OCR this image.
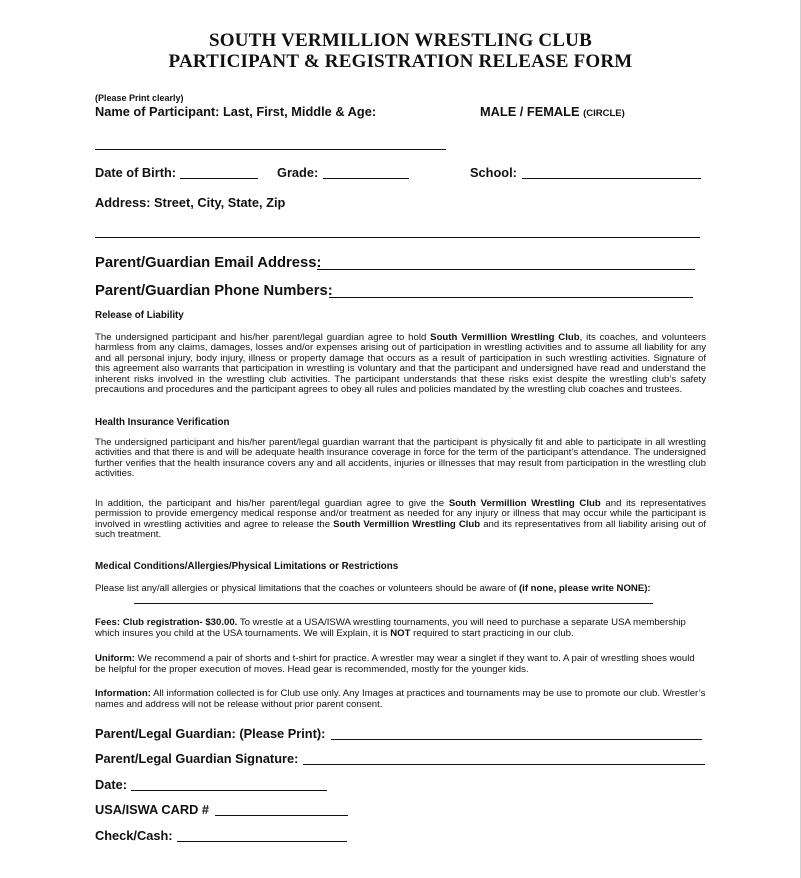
SOUTH VERMILLION WRESTLING CLUB
PARTICIPANT & REGISTRATION RELEASE FORM
(Please Print clearly)
Name of Participant: Last, First, Middle & Age:	MALE / FEMALE (CIRCLE)
Date of Birth:	Grade:	School:
Address: Street, City, State, Zip
Parent/Guardian Email Address:
Parent/Guardian Phone Numbers:
Release of Liability
The undersigned participant and his/her parent/legal guardian agree to hold South Vermillion Wrestling Club, its coaches, and volunteers harmless from any claims, damages, losses and/or expenses arising out of participation in wrestling activities and to assume all liability for any and all personal injury, body injury, illness or property damage that occurs as a result of participation in such wrestling activities. Signature of this agreement also warrants that participation in wrestling is voluntary and that the participant and undersigned have read and understand the inherent risks involved in the wrestling club activities. The participant understands that these risks exist despite the wrestling club’s safety precautions and procedures and the participant agrees to obey all rules and policies mandated by the wrestling club coaches and trustees.
Health Insurance Verification
The undersigned participant and his/her parent/legal guardian warrant that the participant is physically fit and able to participate in all wrestling activities and that there is and will be adequate health insurance coverage in force for the term of the participant’s attendance. The undersigned further verifies that the health insurance covers any and all accidents, injuries or illnesses that may result from participation in the wrestling club activities.
In addition, the participant and his/her parent/legal guardian agree to give the South Vermillion Wrestling Club and its representatives permission to provide emergency medical response and/or treatment as needed for any injury or illness that may occur while the participant is involved in wrestling activities and agree to release the South Vermillion Wrestling Club and its representatives from all liability arising out of such treatment.
Medical Conditions/Allergies/Physical Limitations or Restrictions
Please list any/all allergies or physical limitations that the coaches or volunteers should be aware of (if none, please write NONE):
Fees: Club registration- $30.00. To wrestle at a USA/ISWA wrestling tournaments, you will need to purchase a separate USA membership which insures you child at the USA tournaments. We will Explain, it is NOT required to start practicing in our club.
Uniform: We recommend a pair of shorts and t-shirt for practice. A wrestler may wear a singlet if they want to. A pair of wrestling shoes would be helpful for the proper execution of moves. Head gear is recommended, mostly for the younger kids.
Information: All information collected is for Club use only. Any Images at practices and tournaments may be use to promote our club. Wrestler’s names and address will not be release without prior parent consent.
Parent/Legal Guardian: (Please Print):
Parent/Legal Guardian Signature:
Date:
USA/ISWA CARD #
Check/Cash:
